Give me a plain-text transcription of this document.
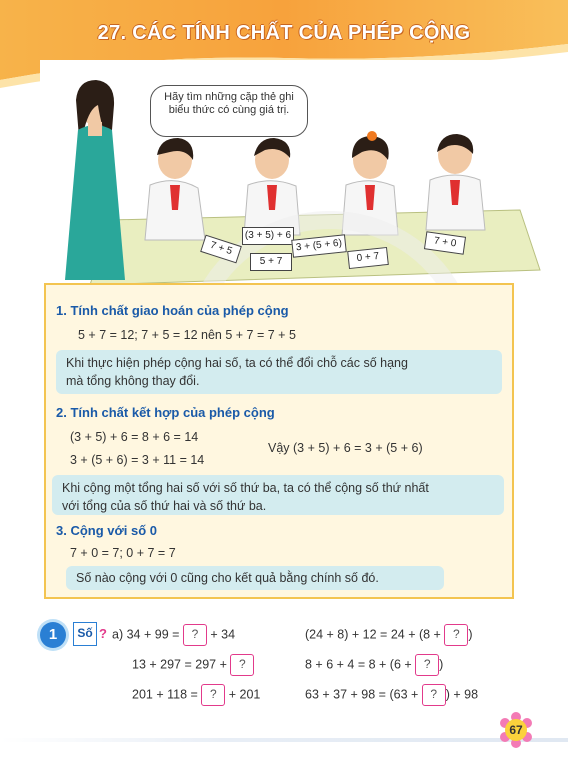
27. CÁC TÍNH CHẤT CỦA PHÉP CỘNG
Hãy tìm những cặp thẻ ghi biểu thức có cùng giá trị.
7 + 5
(3 + 5) + 6
3 + (5 + 6)
5 + 7	0 + 7
7 + 0
1. Tính chất giao hoán của phép cộng
5 + 7 = 12; 7 + 5 = 12 nên 5 + 7 = 7 + 5
Khi thực hiện phép cộng hai số, ta có thể đổi chỗ các số hạng
mà tổng không thay đổi.
2. Tính chất kết hợp của phép cộng
(3 + 5) + 6 = 8 + 6 = 14
3 + (5 + 6) = 3 + 11 = 14
Vậy (3 + 5) + 6 = 3 + (5 + 6)
Khi cộng một tổng hai số với số thứ ba, ta có thể cộng số thứ nhất
với tổng của số thứ hai và số thứ ba.
3. Cộng với số 0
7 + 0 = 7; 0 + 7 = 7
Số nào cộng với 0 cũng cho kết quả bằng chính số đó.
1	Số ? a) 34 + 99 = ? + 34
13 + 297 = 297 + ?
201 + 118 = ? + 201
(24 + 8) + 12 = 24 + (8 + ? )
8 + 6 + 4 = 8 + (6 + ? )
63 + 37 + 98 = (63 + ? ) + 98
67
